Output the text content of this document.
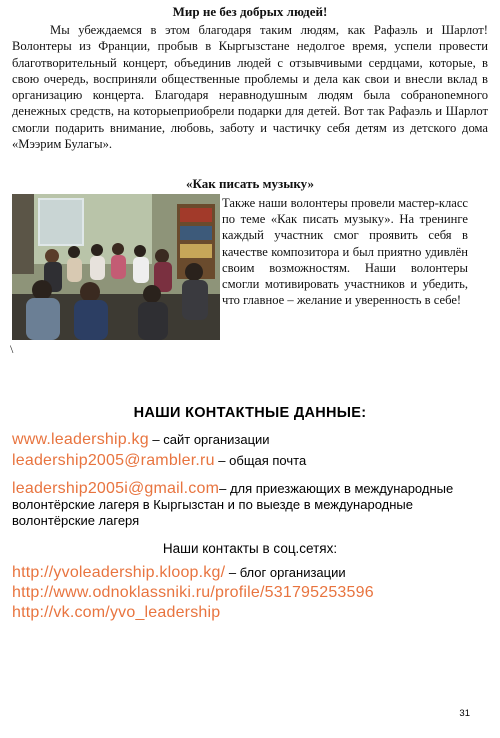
Мир не без добрых людей!
Мы убеждаемся в этом благодаря таким людям, как Рафаэль и Шарлот! Волонтеры из Франции, пробыв в Кыргызстане недолгое время, успели провести благотворительный концерт, объединив людей с отзывчивыми сердцами, которые, в свою очередь, восприняли общественные проблемы и дела как свои и внесли вклад в организацию концерта. Благодаря неравнодушным людям была собраноnемного денежных средств, на которыеприобрели подарки для детей. Вот так Рафаэль и Шарлот смогли подарить внимание, любовь, заботу и частичку себя детям из детского дома «Мээрим Булагы».
«Как писать музыку»
Также наши волонтеры провели мастер-класс по теме «Как писать музыку». На тренинге каждый участник смог проявить себя в качестве композитора и был приятно удивлён своим возможностям. Наши волонтеры смогли мотивировать участников и убедить, что главное – желание и уверенность в себе!
\
НАШИ КОНТАКТНЫЕ ДАННЫЕ:
www.leadership.kg – сайт организации
leadership2005@rambler.ru – общая почта
leadership2005i@gmail.com– для приезжающих в международные волонтёрские лагеря в Кыргызстан и по выезде в международные волонтёрские лагеря
Наши контакты в соц.сетях:
http://yvoleadership.kloop.kg/ – блог организации
http://www.odnoklassniki.ru/profile/531795253596
http://vk.com/yvo_leadership
31
